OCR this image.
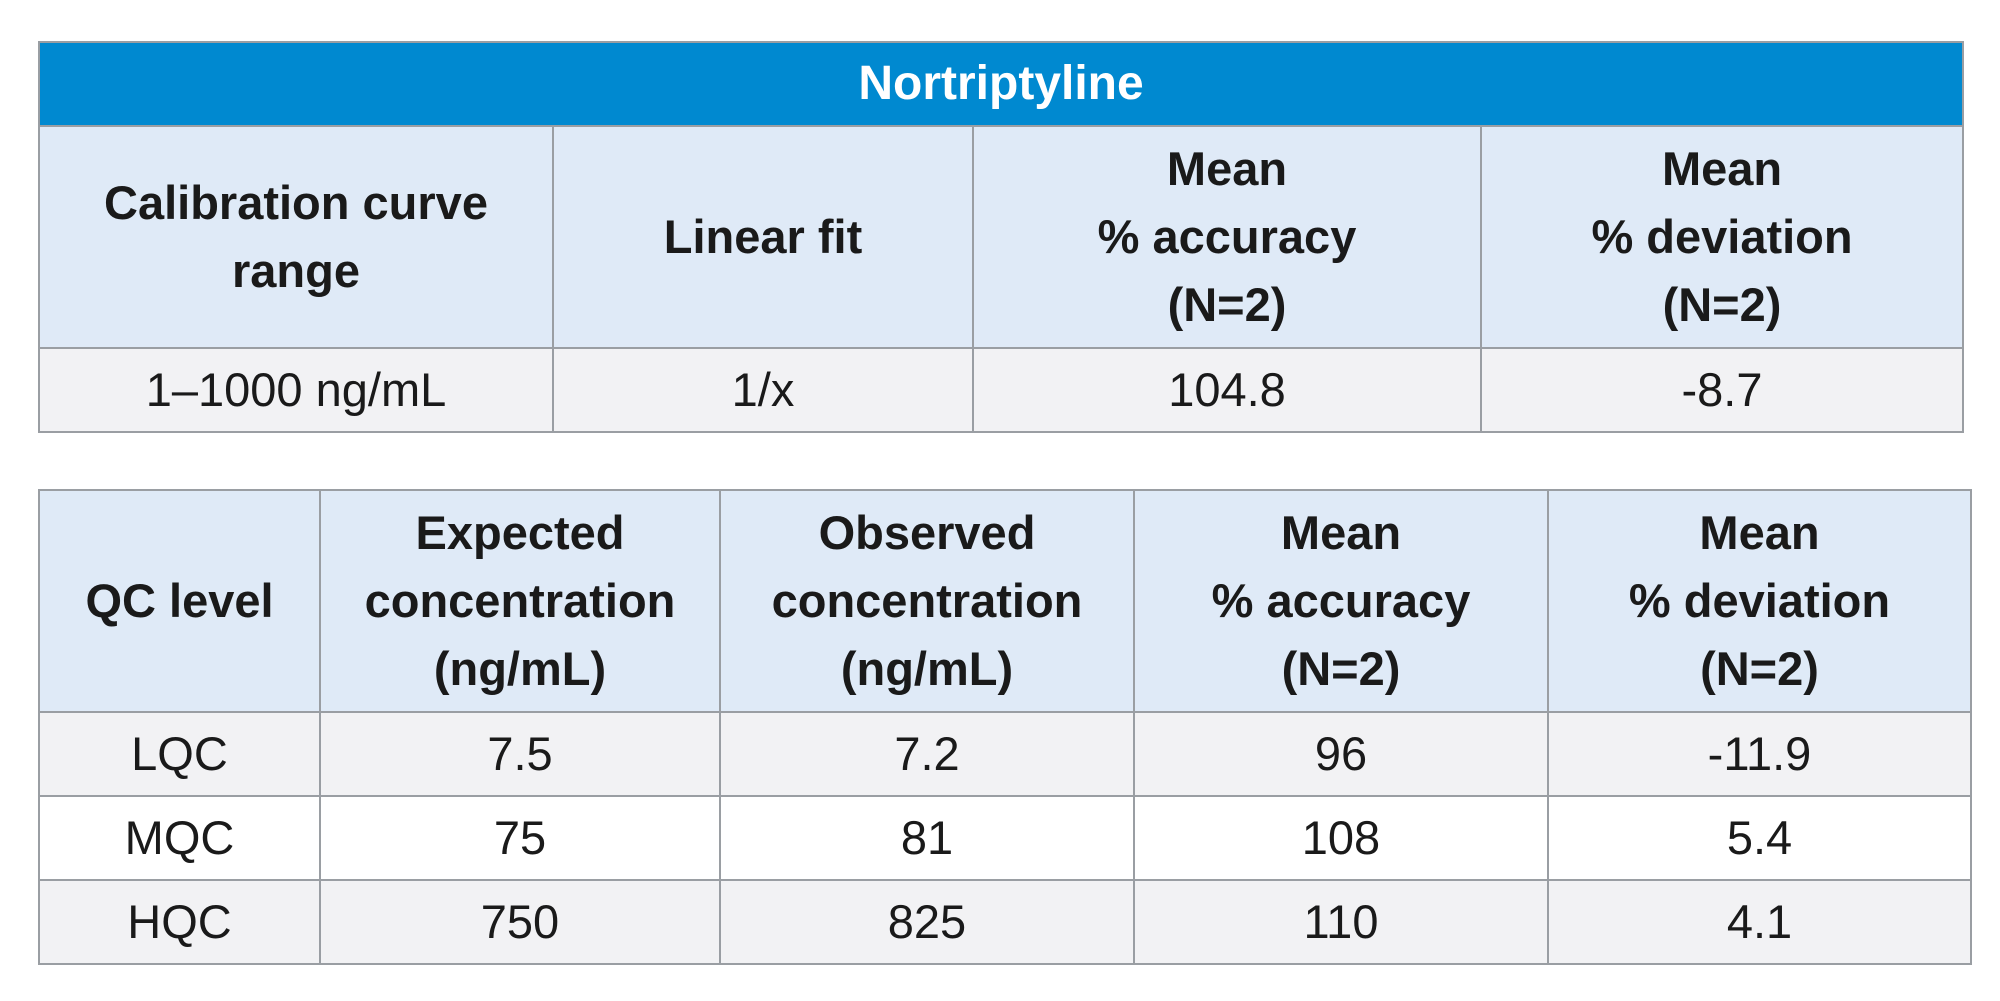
Nortriptyline			

Calibration curve
range	Linear fit	Mean
% accuracy
(N=2)	Mean
% deviation
(N=2)

1–1000 ng/mL	1/x	104.8	-8.7
QC level	Expected
concentration
(ng/mL)	Observed
concentration
(ng/mL)	Mean
% accuracy
(N=2)	Mean
% deviation
(N=2)

LQC	7.5	7.2	96	-11.9
MQC	75	81	108	5.4
HQC	750	825	110	4.1
